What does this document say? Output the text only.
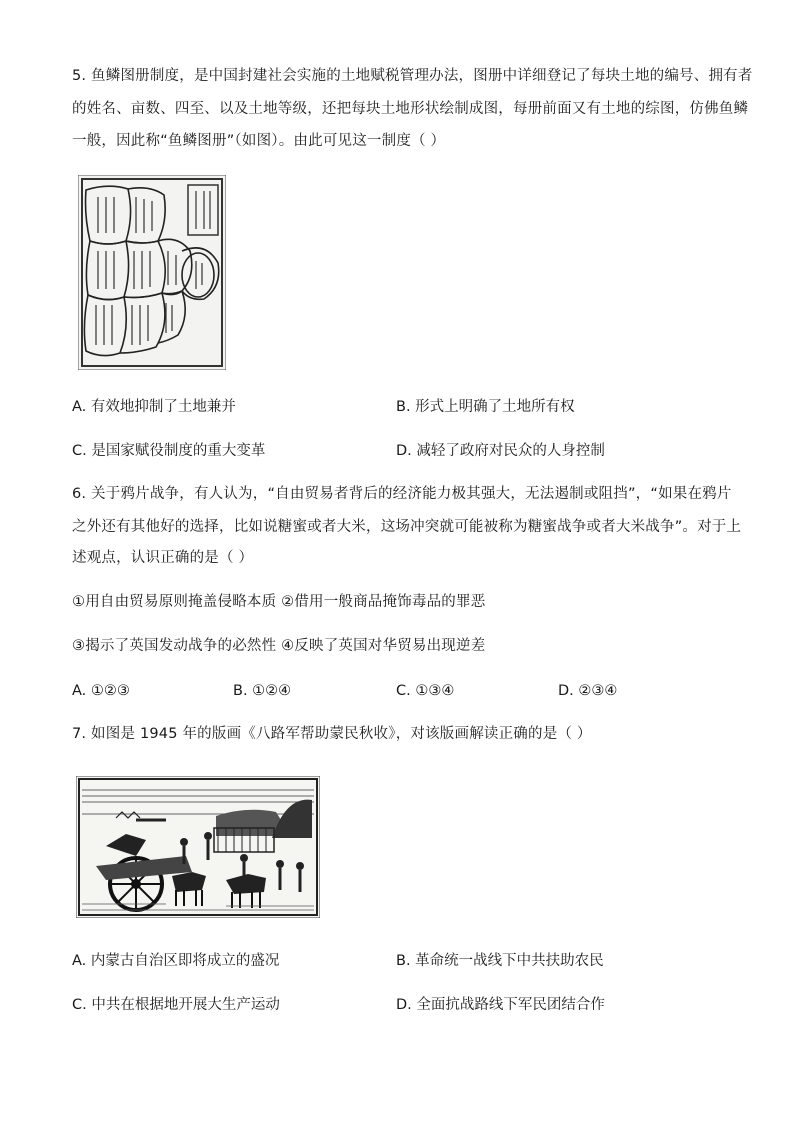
5. 鱼鳞图册制度，是中国封建社会实施的土地赋税管理办法，图册中详细登记了每块土地的编号、拥有者
的姓名、亩数、四至、以及土地等级，还把每块土地形状绘制成图，每册前面又有土地的综图，仿佛鱼鳞
一般，因此称“鱼鳞图册”（如图）。由此可见这一制度（ ）
A. 有效地抑制了土地兼并	B. 形式上明确了土地所有权
C. 是国家赋役制度的重大变革	D. 减轻了政府对民众的人身控制
6. 关于鸦片战争，有人认为，“自由贸易者背后的经济能力极其强大，无法遏制或阻挡”，“如果在鸦片
之外还有其他好的选择，比如说糖蜜或者大米，这场冲突就可能被称为糖蜜战争或者大米战争”。对于上
述观点，认识正确的是（ ）
①用自由贸易原则掩盖侵略本质 ②借用一般商品掩饰毒品的罪恶
③揭示了英国发动战争的必然性 ④反映了英国对华贸易出现逆差
A. ①②③	B. ①②④	C. ①③④	D. ②③④
7. 如图是 1945 年的版画《八路军帮助蒙民秋收》，对该版画解读正确的是（ ）
A. 内蒙古自治区即将成立的盛况	B. 革命统一战线下中共扶助农民
C. 中共在根据地开展大生产运动	D. 全面抗战路线下军民团结合作
